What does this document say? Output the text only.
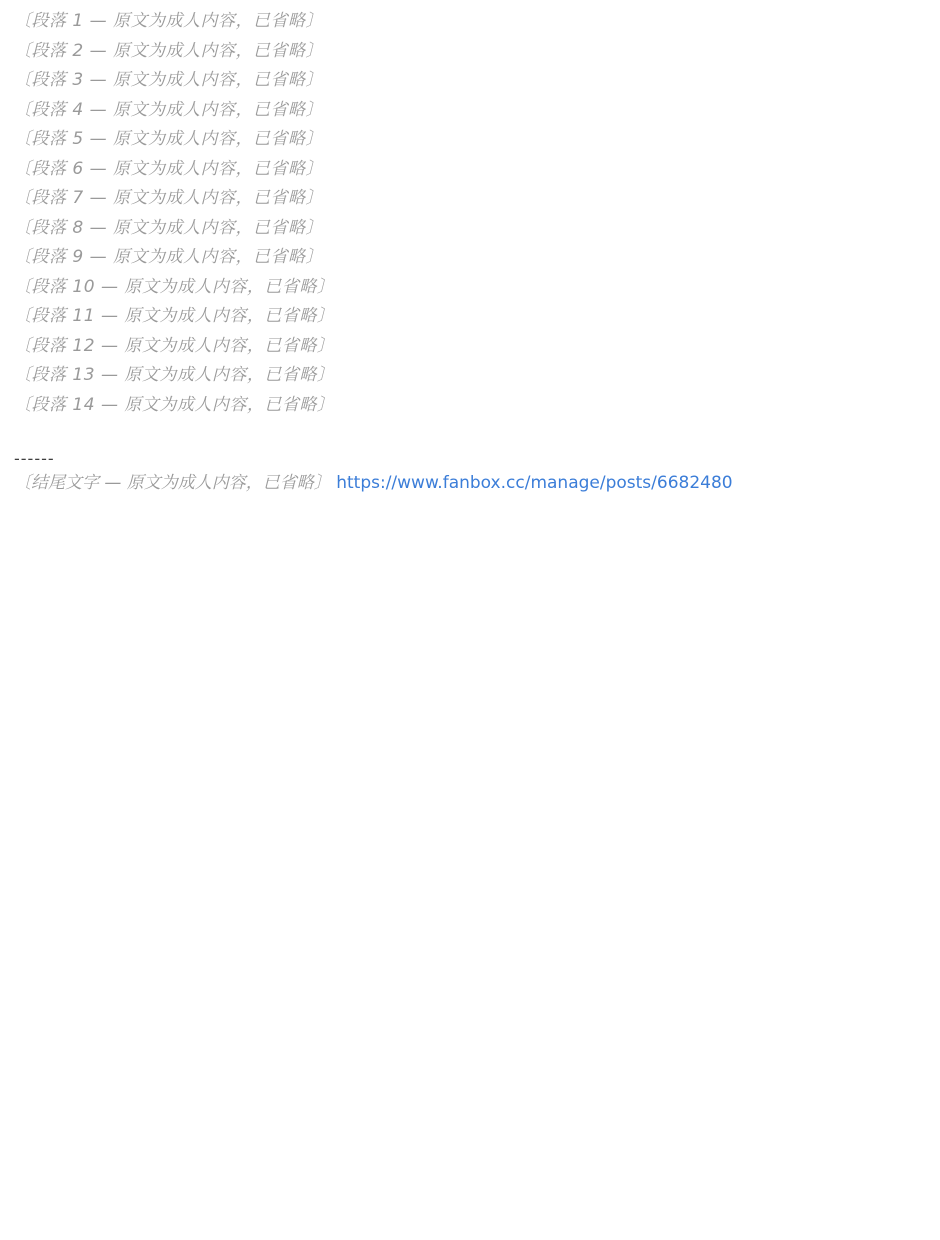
〔段落 1 — 原文为成人内容，已省略〕

〔段落 2 — 原文为成人内容，已省略〕

〔段落 3 — 原文为成人内容，已省略〕

〔段落 4 — 原文为成人内容，已省略〕

〔段落 5 — 原文为成人内容，已省略〕

〔段落 6 — 原文为成人内容，已省略〕

〔段落 7 — 原文为成人内容，已省略〕

〔段落 8 — 原文为成人内容，已省略〕

〔段落 9 — 原文为成人内容，已省略〕

〔段落 10 — 原文为成人内容，已省略〕

〔段落 11 — 原文为成人内容，已省略〕

〔段落 12 — 原文为成人内容，已省略〕

〔段落 13 — 原文为成人内容，已省略〕

〔段落 14 — 原文为成人内容，已省略〕

------

〔结尾文字 — 原文为成人内容，已省略〕 https://www.fanbox.cc/manage/posts/6682480
